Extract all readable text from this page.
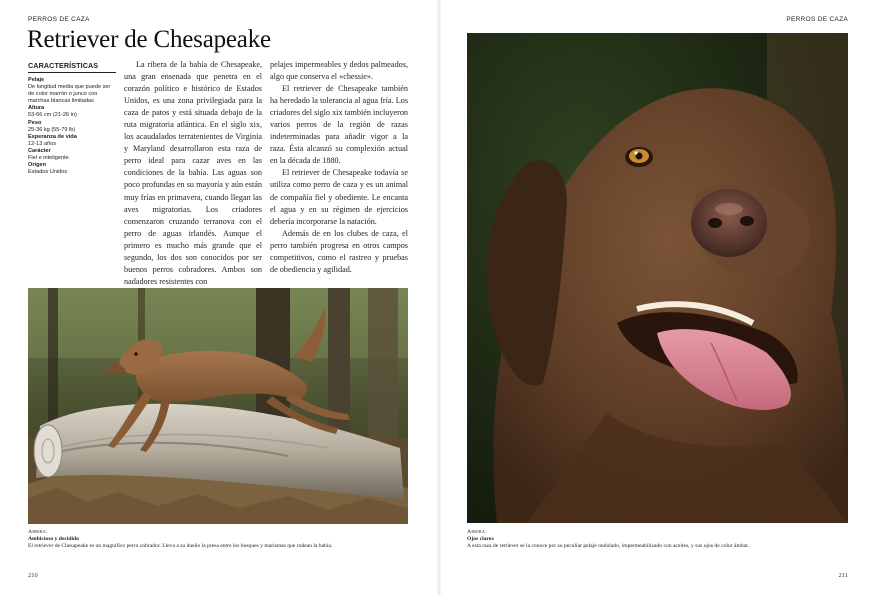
PERROS DE CAZA	PERROS DE CAZA
Retriever de Chesapeake
CARACTERÍSTICAS
Pelaje
De longitud media que puede ser de color marrón o junco con marchas blancas limitadas
Altura
53-66 cm (21-26 in)
Peso
25-36 kg (55-79 lb)
Esperanza de vida
12-13 años
Carácter
Fiel e inteligente
Origen
Estados Unidos

La ribera de la bahía de Chesapeake, una gran ensenada que penetra en el corazón político e histórico de Estados Unidos, es una zona privilegiada para la caza de patos y está situada debajo de la ruta migratoria atlántica. En el siglo xix, los acaudalados terratenientes de Virginia y Maryland desarrollaron esta raza de perro ideal para cazar aves en las condiciones de la bahía. Las aguas son poco profundas en su mayoría y aún están muy frías en primavera, cuando llegan las aves migratorias. Los criadores comenzaron cruzando terranova con el perro de aguas irlandés. Aunque el primero es mucho más grande que el segundo, los dos son conocidos por ser buenos perros cobradores. Ambos son nadadores resistentes con

pelajes impermeables y dedos palmeados, algo que conserva el «chessie».

El retriever de Chesapeake también ha heredado la tolerancia al agua fría. Los criadores del siglo xix también incluyeron varios perros de la región de razas indeterminadas para añadir vigor a la raza. Ésta alcanzó su complexión actual en la década de 1880.

El retriever de Chesapeake todavía se utiliza como perro de caza y es un animal de compañía fiel y obediente. Le encanta el agua y en su régimen de ejercicios debería incorporarse la natación.

Además de en los clubes de caza, el perro también progresa en otros campos competitivos, como el rastreo y pruebas de obediencia y agilidad.

Arriba:
Ambicioso y decidido
El retriever de Chesapeake es un magnífico perro cobrador. Lleva a su dueño la presa entre los bosques y marismas que rodean la bahía.
Arriba:
Ojos claros
A esta raza de retriever se la conoce por su peculiar pelaje ondulado, impermeabilizado con aceites, y sus ojos de color ámbar.
210	211
